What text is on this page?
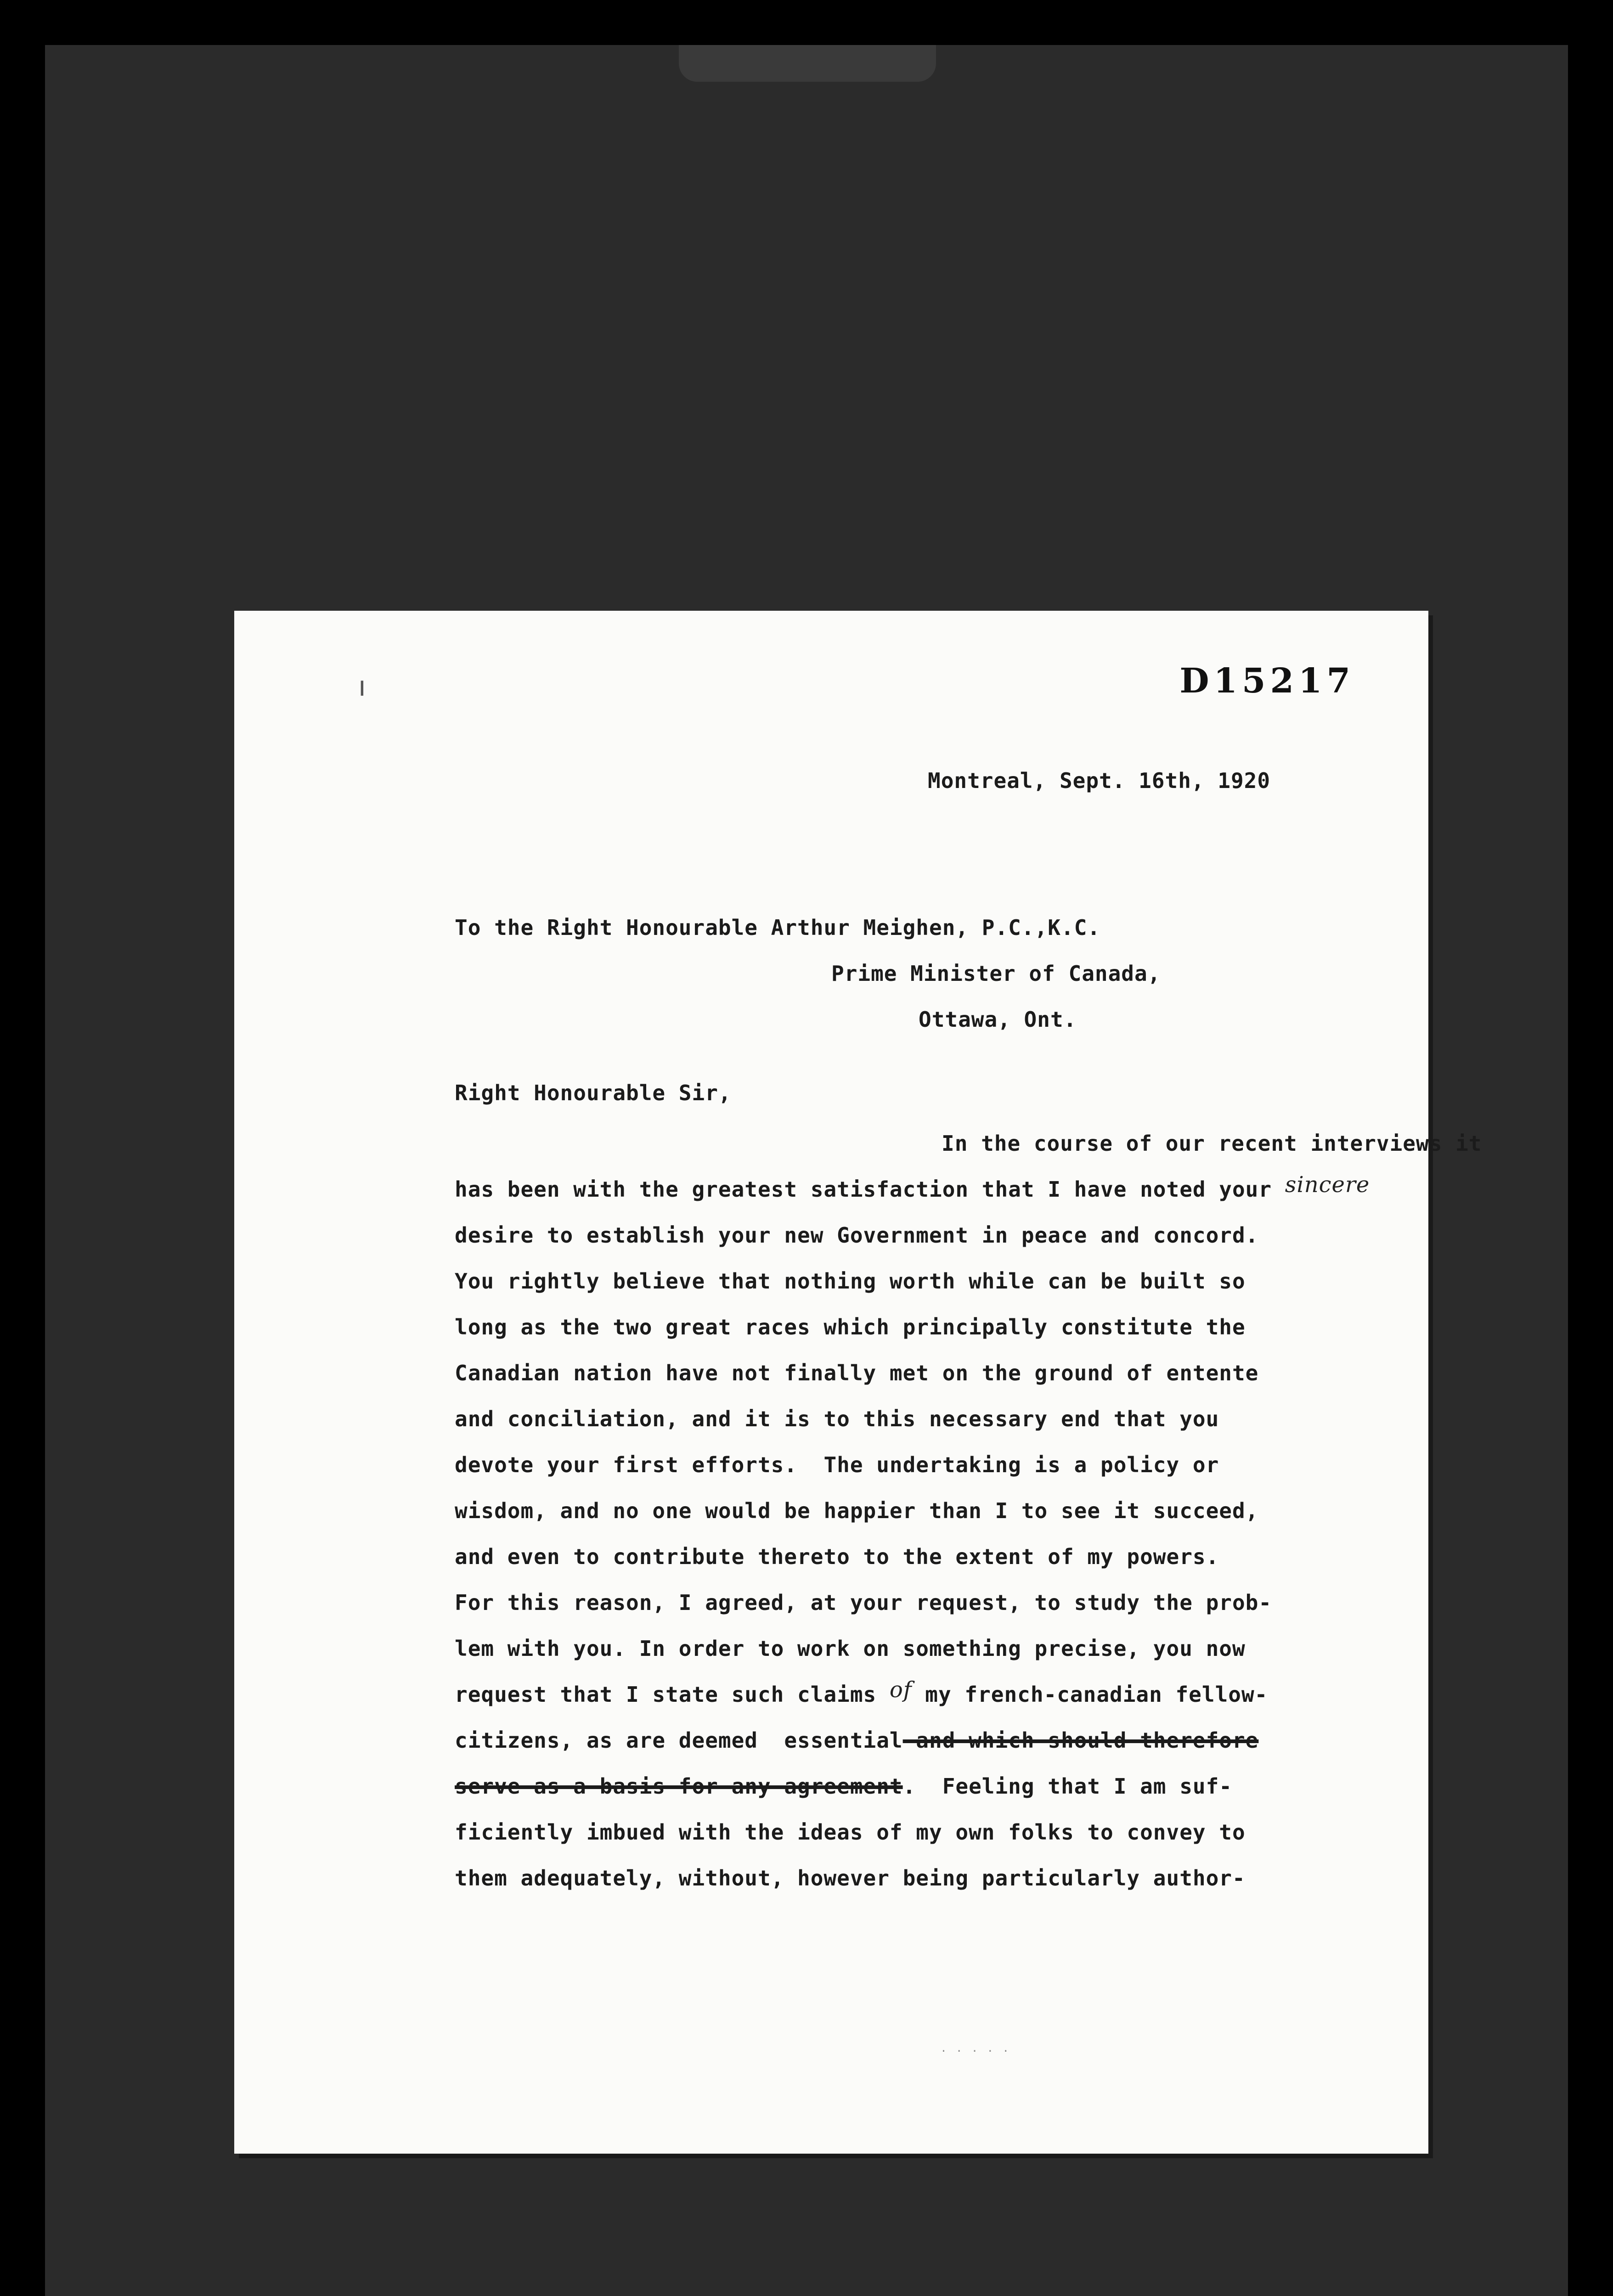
ı	D15217
Montreal, Sept. 16th, 1920
To the Right Honourable Arthur Meighen, P.C.,K.C.
Prime Minister of Canada,
Ottawa, Ont.
Right Honourable Sir,
In the course of our recent interviews it
has been with the greatest satisfaction that I have noted your sincere
desire to establish your new Government in peace and concord.
You rightly believe that nothing worth while can be built so
long as the two great races which principally constitute the
Canadian nation have not finally met on the ground of entente
and conciliation, and it is to this necessary end that you
devote your first efforts.  The undertaking is a policy or
wisdom, and no one would be happier than I to see it succeed,
and even to contribute thereto to the extent of my powers.
For this reason, I agreed, at your request, to study the prob-
lem with you. In order to work on something precise, you now
request that I state such claims of my french-canadian fellow-
citizens, as are deemed  essential and which should therefore
serve as a basis for any agreement.  Feeling that I am suf-
ficiently imbued with the ideas of my own folks to convey to
them adequately, without, however being particularly author-
· · · · ·
